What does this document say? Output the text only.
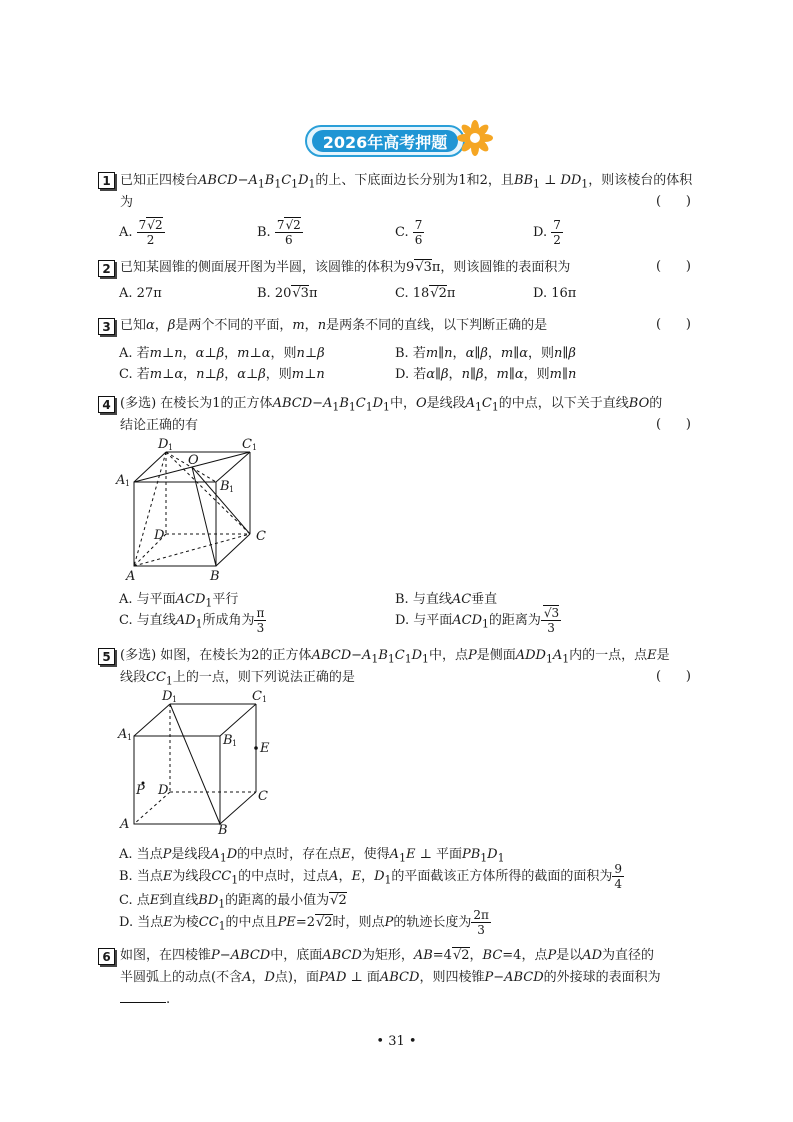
2026年高考押题
1 已知正四棱台$ABCD-A_1B_1C_1D_1$的上、下底面边长分别为1和2，且$BB_1$ ⊥ $DD_1$，则该棱台的体积
为	(      )
A. $\frac{7√2}{2}$	B. $\frac{7√2}{6}$	C. $\frac{7}{6}$	D. $\frac{7}{2}$
2 已知某圆锥的侧面展开图为半圆，该圆锥的体积为9√3π，则该圆锥的表面积为	(      )
A. 27π	B. 20√3π	C. 18√2π	D. 16π
3 已知α，β是两个不同的平面，m，n是两条不同的直线，以下判断正确的是	(      )
A. 若m⊥n，α⊥β，m⊥α，则n⊥β	B. 若m∥n，α∥β，m∥α，则n∥β
C. 若m⊥α，n⊥β，α⊥β，则m⊥n	D. 若α∥β，n∥β，m∥α，则m∥n
4 (多选) 在棱长为1的正方体$ABCD-A_1B_1C_1D_1$中，O是线段$A_1C_1$的中点，以下关于直线BO的
结论正确的有	(      )
D 1	C 1
O
A 1	B 1
D	C
A	B
A. 与平面$ACD_1$平行	B. 与直线AC垂直
C. 与直线$AD_1$所成角为 $\frac{\pi}{3}$	D. 与平面$ACD_1$的距离为 $\frac{√3}{3}$
5 (多选) 如图，在棱长为2的正方体$ABCD-A_1B_1C_1D_1$中，点P是侧面$ADD_1A_1$内的一点，点E是
线段$CC_1$上的一点，则下列说法正确的是	(      )
D 1	C 1
A 1	B 1 E
P D	C
A	B
A. 当点P是线段$A_1D$的中点时，存在点E，使得$A_1E$ ⊥ 平面$PB_1D_1$
B. 当点E为线段$CC_1$的中点时，过点A，E，$D_1$的平面截该正方体所得的截面的面积为 $\frac{9}{4}$
C. 点E到直线$BD_1$的距离的最小值为√2
D. 当点E为棱$CC_1$的中点且PE=2√2时，则点P的轨迹长度为 $\frac{2\pi}{3}$
6 如图，在四棱锥P−ABCD中，底面ABCD为矩形，AB=4√2，BC=4，点P是以AD为直径的
半圆弧上的动点(不含A，D点)，面PAD ⊥ 面ABCD，则四棱锥P−ABCD的外接球的表面积为
.
• 31 •
